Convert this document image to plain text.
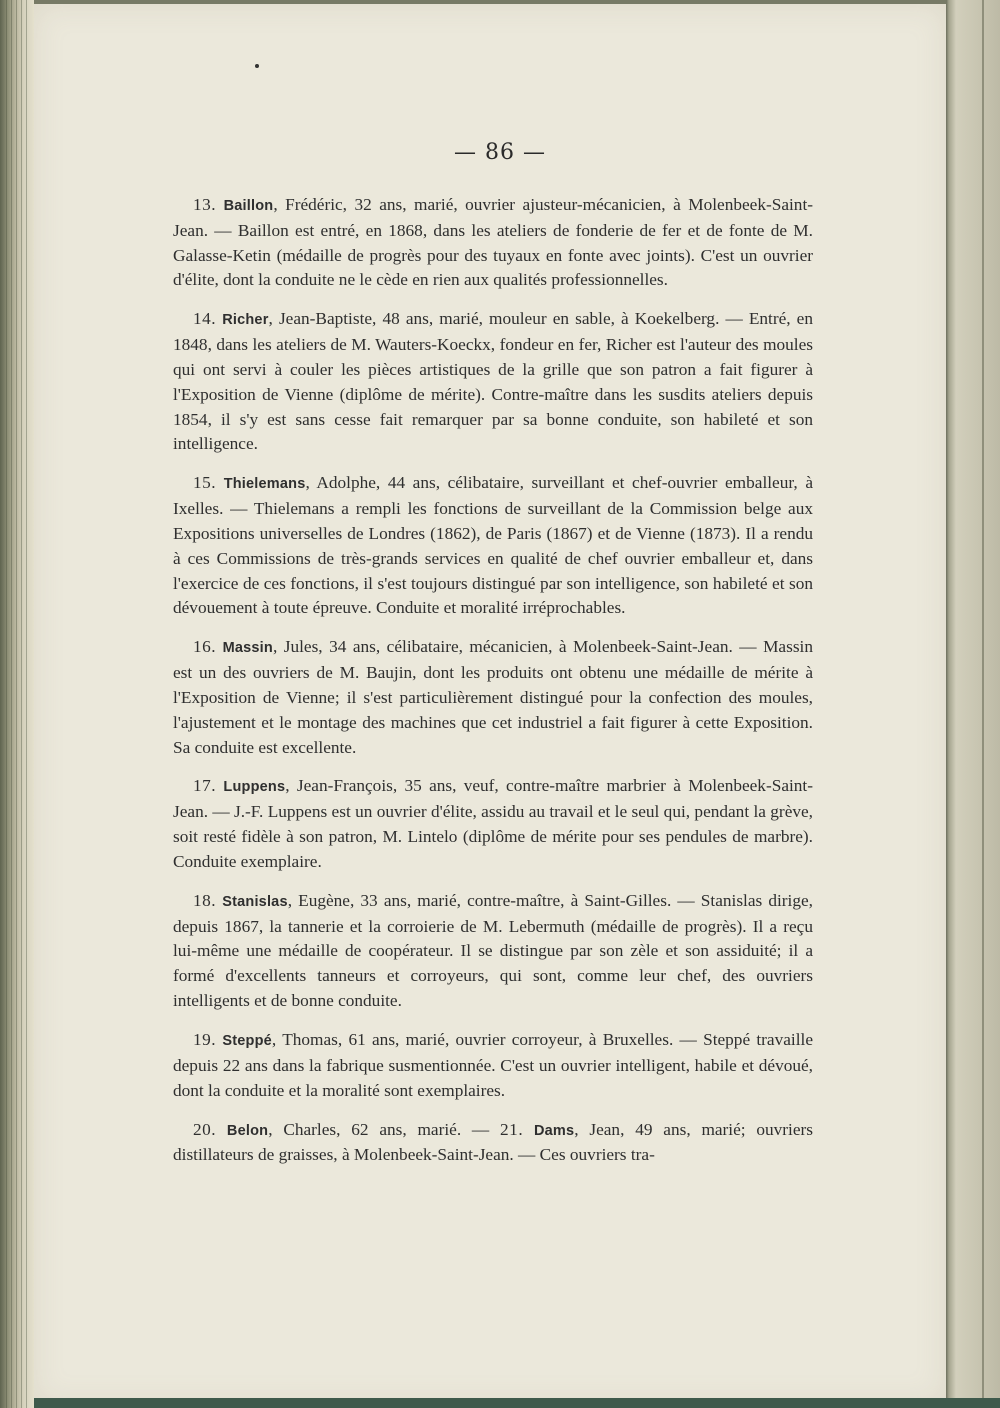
— 86 —

13. Baillon, Frédéric, 32 ans, marié, ouvrier ajusteur-mécanicien, à Molenbeek-Saint-Jean. — Baillon est entré, en 1868, dans les ateliers de fonderie de fer et de fonte de M. Galasse-Ketin (médaille de progrès pour des tuyaux en fonte avec joints). C'est un ouvrier d'élite, dont la conduite ne le cède en rien aux qualités professionnelles.

14. Richer, Jean-Baptiste, 48 ans, marié, mouleur en sable, à Koekelberg. — Entré, en 1848, dans les ateliers de M. Wauters-Koeckx, fondeur en fer, Richer est l'auteur des moules qui ont servi à couler les pièces artistiques de la grille que son patron a fait figurer à l'Exposition de Vienne (diplôme de mérite). Contre-maître dans les susdits ateliers depuis 1854, il s'y est sans cesse fait remarquer par sa bonne conduite, son habileté et son intelligence.

15. Thielemans, Adolphe, 44 ans, célibataire, surveillant et chef-ouvrier emballeur, à Ixelles. — Thielemans a rempli les fonctions de surveillant de la Commission belge aux Expositions universelles de Londres (1862), de Paris (1867) et de Vienne (1873). Il a rendu à ces Commissions de très-grands services en qualité de chef ouvrier emballeur et, dans l'exercice de ces fonctions, il s'est toujours distingué par son intelligence, son habileté et son dévouement à toute épreuve. Conduite et moralité irréprochables.

16. Massin, Jules, 34 ans, célibataire, mécanicien, à Molenbeek-Saint-Jean. — Massin est un des ouvriers de M. Baujin, dont les produits ont obtenu une médaille de mérite à l'Exposition de Vienne; il s'est particulièrement distingué pour la confection des moules, l'ajustement et le montage des machines que cet industriel a fait figurer à cette Exposition. Sa conduite est excellente.

17. Luppens, Jean-François, 35 ans, veuf, contre-maître marbrier à Molenbeek-Saint-Jean. — J.-F. Luppens est un ouvrier d'élite, assidu au travail et le seul qui, pendant la grève, soit resté fidèle à son patron, M. Lintelo (diplôme de mérite pour ses pendules de marbre). Conduite exemplaire.

18. Stanislas, Eugène, 33 ans, marié, contre-maître, à Saint-Gilles. — Stanislas dirige, depuis 1867, la tannerie et la corroierie de M. Lebermuth (médaille de progrès). Il a reçu lui-même une médaille de coopérateur. Il se distingue par son zèle et son assiduité; il a formé d'excellents tanneurs et corroyeurs, qui sont, comme leur chef, des ouvriers intelligents et de bonne conduite.

19. Steppé, Thomas, 61 ans, marié, ouvrier corroyeur, à Bruxelles. — Steppé travaille depuis 22 ans dans la fabrique susmentionnée. C'est un ouvrier intelligent, habile et dévoué, dont la conduite et la moralité sont exemplaires.

20. Belon, Charles, 62 ans, marié. — 21. Dams, Jean, 49 ans, marié; ouvriers distillateurs de graisses, à Molenbeek-Saint-Jean. — Ces ouvriers tra-
